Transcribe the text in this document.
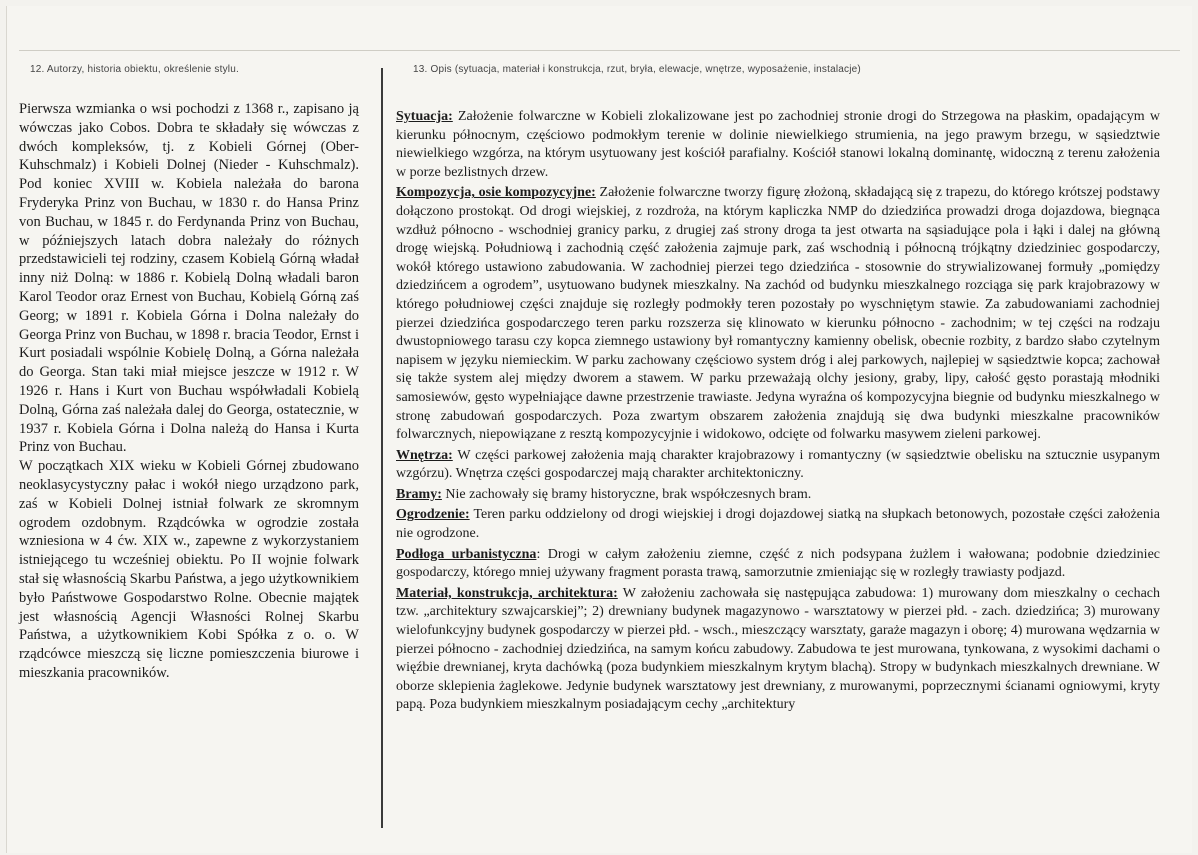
12. Autorzy, historia obiektu, określenie stylu.	13. Opis (sytuacja, materiał i konstrukcja, rzut, bryła, elewacje, wnętrze, wyposażenie, instalacje)

Pierwsza wzmianka o wsi pochodzi z 1368 r., zapisano ją wówczas jako Cobos. Dobra te składały się wówczas z dwóch kompleksów, tj. z Kobieli Górnej (Ober-Kuhschmalz) i Kobieli Dolnej (Nieder - Kuhschmalz). Pod koniec XVIII w. Kobiela należała do barona Fryderyka Prinz von Buchau, w 1830 r. do Hansa Prinz von Buchau, w 1845 r. do Ferdynanda Prinz von Buchau, w późniejszych latach dobra należały do różnych przedstawicieli tej rodziny, czasem Kobielą Górną władał inny niż Dolną: w 1886 r. Kobielą Dolną władali baron Karol Teodor oraz Ernest von Buchau, Kobielą Górną zaś Georg; w 1891 r. Kobiela Górna i Dolna należały do Georga Prinz von Buchau, w 1898 r. bracia Teodor, Ernst i Kurt posiadali wspólnie Kobielę Dolną, a Górna należała do Georga. Stan taki miał miejsce jeszcze w 1912 r. W 1926 r. Hans i Kurt von Buchau współwładali Kobielą Dolną, Górna zaś należała dalej do Georga, ostatecznie, w 1937 r. Kobiela Górna i Dolna należą do Hansa i Kurta Prinz von Buchau.

W początkach XIX wieku w Kobieli Górnej zbudowano neoklasycystyczny pałac i wokół niego urządzono park, zaś w Kobieli Dolnej istniał folwark ze skromnym ogrodem ozdobnym. Rządcówka w ogrodzie została wzniesiona w 4 ćw. XIX w., zapewne z wykorzystaniem istniejącego tu wcześniej obiektu. Po II wojnie folwark stał się własnością Skarbu Państwa, a jego użytkownikiem było Państwowe Gospodarstwo Rolne. Obecnie majątek jest własnością Agencji Własności Rolnej Skarbu Państwa, a użytkownikiem Kobi Spółka z o. o. W rządcówce mieszczą się liczne pomieszczenia biurowe i mieszkania pracowników.

Sytuacja: Założenie folwarczne w Kobieli zlokalizowane jest po zachodniej stronie drogi do Strzegowa na płaskim, opadającym w kierunku północnym, częściowo podmokłym terenie w dolinie niewielkiego strumienia, na jego prawym brzegu, w sąsiedztwie niewielkiego wzgórza, na którym usytuowany jest kościół parafialny. Kościół stanowi lokalną dominantę, widoczną z terenu założenia w porze bezlistnych drzew.

Kompozycja, osie kompozycyjne: Założenie folwarczne tworzy figurę złożoną, składającą się z trapezu, do którego krótszej podstawy dołączono prostokąt. Od drogi wiejskiej, z rozdroża, na którym kapliczka NMP do dziedzińca prowadzi droga dojazdowa, biegnąca wzdłuż północno - wschodniej granicy parku, z drugiej zaś strony droga ta jest otwarta na sąsiadujące pola i łąki i dalej na główną drogę wiejską. Południową i zachodnią część założenia zajmuje park, zaś wschodnią i północną trójkątny dziedziniec gospodarczy, wokół którego ustawiono zabudowania. W zachodniej pierzei tego dziedzińca - stosownie do strywializowanej formuły „pomiędzy dziedzińcem a ogrodem”, usytuowano budynek mieszkalny. Na zachód od budynku mieszkalnego rozciąga się park krajobrazowy w którego południowej części znajduje się rozległy podmokły teren pozostały po wyschniętym stawie. Za zabudowaniami zachodniej pierzei dziedzińca gospodarczego teren parku rozszerza się klinowato w kierunku północno - zachodnim; w tej części na rodzaju dwustopniowego tarasu czy kopca ziemnego ustawiony był romantyczny kamienny obelisk, obecnie rozbity, z bardzo słabo czytelnym napisem w języku niemieckim. W parku zachowany częściowo system dróg i alej parkowych, najlepiej w sąsiedztwie kopca; zachował się także system alej między dworem a stawem. W parku przeważają olchy jesiony, graby, lipy, całość gęsto porastają młodniki samosiewów, gęsto wypełniające dawne przestrzenie trawiaste. Jedyna wyraźna oś kompozycyjna biegnie od budynku mieszkalnego w stronę zabudowań gospodarczych. Poza zwartym obszarem założenia znajdują się dwa budynki mieszkalne pracowników folwarcznych, niepowiązane z resztą kompozycyjnie i widokowo, odcięte od folwarku masywem zieleni parkowej.

Wnętrza: W części parkowej założenia mają charakter krajobrazowy i romantyczny (w sąsiedztwie obelisku na sztucznie usypanym wzgórzu). Wnętrza części gospodarczej mają charakter architektoniczny.

Bramy: Nie zachowały się bramy historyczne, brak współczesnych bram.

Ogrodzenie: Teren parku oddzielony od drogi wiejskiej i drogi dojazdowej siatką na słupkach betonowych, pozostałe części założenia nie ogrodzone.

Podłoga urbanistyczna: Drogi w całym założeniu ziemne, część z nich podsypana żużlem i wałowana; podobnie dziedziniec gospodarczy, którego mniej używany fragment porasta trawą, samorzutnie zmieniając się w rozległy trawiasty podjazd.

Materiał, konstrukcja, architektura: W założeniu zachowała się następująca zabudowa: 1) murowany dom mieszkalny o cechach tzw. „architektury szwajcarskiej”; 2) drewniany budynek magazynowo - warsztatowy w pierzei płd. - zach. dziedzińca; 3) murowany wielofunkcyjny budynek gospodarczy w pierzei płd. - wsch., mieszczący warsztaty, garaże magazyn i oborę; 4) murowana wędzarnia w pierzei północno - zachodniej dziedzińca, na samym końcu zabudowy. Zabudowa te jest murowana, tynkowana, z wysokimi dachami o więźbie drewnianej, kryta dachówką (poza budynkiem mieszkalnym krytym blachą). Stropy w budynkach mieszkalnych drewniane. W oborze sklepienia żaglekowe. Jedynie budynek warsztatowy jest drewniany, z murowanymi, poprzecznymi ścianami ogniowymi, kryty papą. Poza budynkiem mieszkalnym posiadającym cechy „architektury
